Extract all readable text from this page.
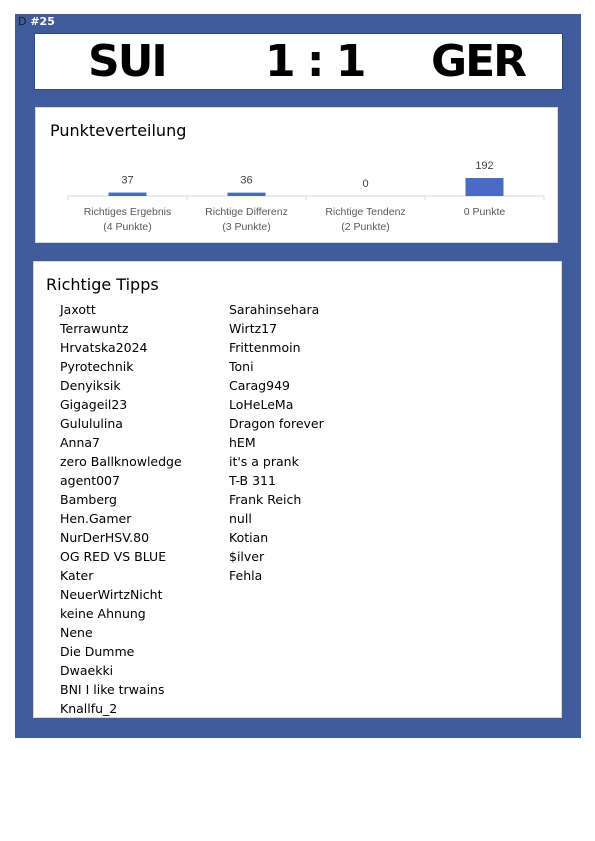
D #25
SUI 1 : 1 GER
Punkteverteilung
37
Richtiges Ergebnis
(4 Punkte)
36
Richtige Differenz
(3 Punkte)
0
Richtige Tendenz
(2 Punkte)
192
0 Punkte
Richtige Tipps
Jaxott
Terrawuntz
Hrvatska2024
Pyrotechnik
Denyiksik
Gigageil23
Gulululina
Anna7
zero Ballknowledge
agent007
Bamberg
Hen.Gamer
NurDerHSV.80
OG RED VS BLUE
Kater
NeuerWirtzNicht
keine Ahnung
Nene
Die Dumme
Dwaekki
BNI I like trwains
Knallfu_2
Sarahinsehara
Wirtz17
Frittenmoin
Toni
Carag949
LoHeLeMa
Dragon forever
hEM
it's a prank
T-B 311
Frank Reich
null
Kotian
$ilver
Fehla
